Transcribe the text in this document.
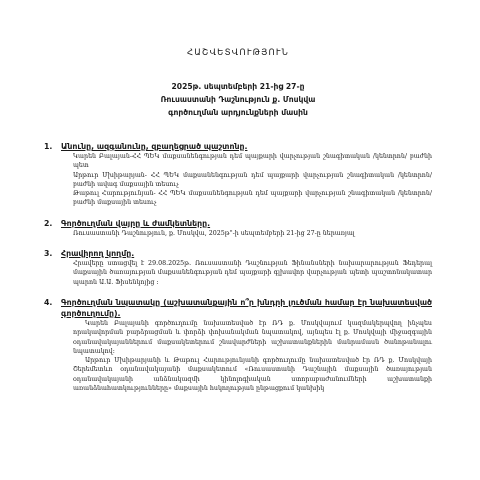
ՀԱՇՎԵՏՎՈՒԹՅՈՒՆ
2025թ. սեպտեմբերի 21-ից 27-ը
Ռուսաստանի Դաշնություն ք. Մոսկվա
գործուղման արդյունքների մասին
1.	Անունը, ազգանունը, զբաղեցրած պաշտոնը.

Կարեն Բալայան-ՀՀ ՊԵԿ մաքսանենգության դեմ պայքարի վարչության շնագիտական /կենտրոն/ բաժնի պետ

Արթուր Մխիթարյան- ՀՀ ՊԵԿ մաքսանենգության դեմ պայքարի վարչության շնագիտական /կենտրոն/ բաժնի ավագ մաքսային տեսուչ

Թաթուլ Հարությունյան- ՀՀ ՊԵԿ մաքսանենգության դեմ պայքարի վարչության շնագիտական /կենտրոն/ բաժնի մաքսային տեսուչ

2.	Գործուղման վայրը և ժամկետները.

Ռուսաստանի Դաշնություն, ք. Մոսկվա, 2025թ"-ի սեպտեմբերի 21-ից 27-ը ներառյալ

3.	Հրավիրող կողմը.

Հրավերը ստացվել է 29.08.2025թ. Ռուսաստանի Դաշնության Ֆինանսների նախարարության Ֆեդերալ մաքսային ծառայության մաքսանենգության դեմ պայքարի գլխավոր վարչության պետի պաշտոնակատար պարոն Ա.Ա. Ֆիսենկոյից ։

4.	Գործուղման նպատակը (աշխատանքային ո՞ր խնդրի լուծման համար էր նախատեսված գործուղումը).

Կարեն Բալայանի գործուղումը նախատեսված էր ՌԴ ք. Մոսկվայում կազմակերպվող ինչպես որակավորման բարձրացման և փորձի փոխանակման նպատակով, այնպես էլ ք. Մոսկվայի միջազգային օդանավակայաններում մաքսակետերում շնավարժների աշխատանքներին մանրամասն ծանոթանալու նպատակով:

Արթուր Մխիթարյանի և Թաթուլ Հարությունյանի գործուղումը նախատեսված էր ՌԴ ք. Մոսկվայի Շերեմետևո օդանավակայանի մաքսակետում «Ռուսաստանի Դաշնային մաքսային ծառայության օդանավակայանի անձնակազմի կինոլոգիական ստորաբաժանումների աշխատանքի առանձնահատկությունները» մաքսային հսկողության ընթացքում կանխիկ
